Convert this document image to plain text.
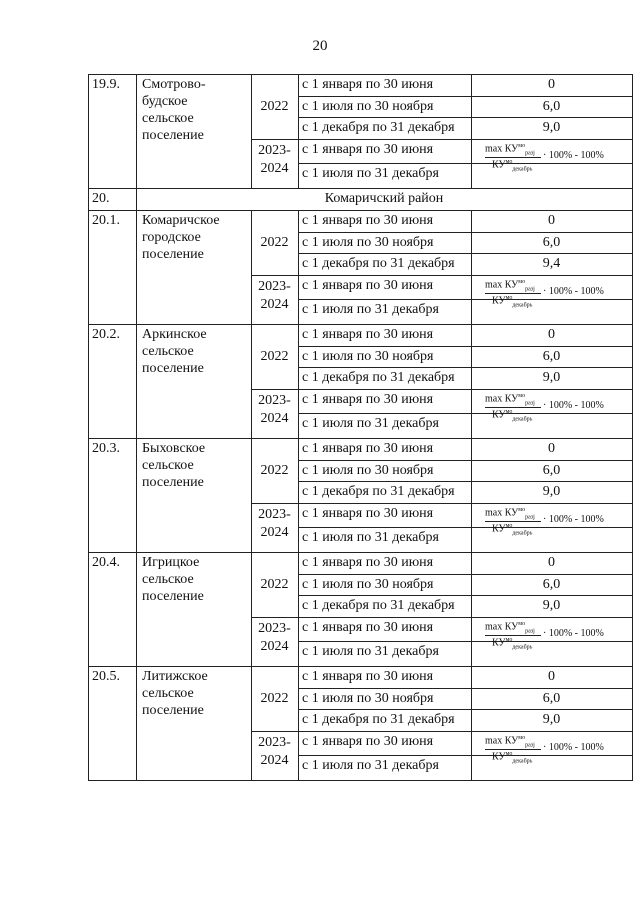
20
19.9. Смотрово-
будское
сельское
поселение
2022
с 1 января по 30 июня
с 1 июля по 30 ноября
с 1 декабря по 31 декабря
0
6,0
9,0
2023-
2024
с 1 января по 30 июня
с 1 июля по 31 декабря
$\max КУ^{мо}_{разj}$
$КУ^{мо}_{декабрь}$
· 100% - 100%
20.	Комаричский район
20.1. Комаричское
городское
поселение
2022
с 1 января по 30 июня
с 1 июля по 30 ноября
с 1 декабря по 31 декабря
0
6,0
9,4
2023-
2024
с 1 января по 30 июня
с 1 июля по 31 декабря
$\max КУ^{мо}_{разj}$
$КУ^{мо}_{декабрь}$
· 100% - 100%
20.2. Аркинское
сельское
поселение
2022
с 1 января по 30 июня
с 1 июля по 30 ноября
с 1 декабря по 31 декабря
0
6,0
9,0
2023-
2024
с 1 января по 30 июня
с 1 июля по 31 декабря
$\max КУ^{мо}_{разj}$
$КУ^{мо}_{декабрь}$
· 100% - 100%
20.3. Быховское
сельское
поселение
2022
с 1 января по 30 июня
с 1 июля по 30 ноября
с 1 декабря по 31 декабря
0
6,0
9,0
2023-
2024
с 1 января по 30 июня
с 1 июля по 31 декабря
$\max КУ^{мо}_{разj}$
$КУ^{мо}_{декабрь}$
· 100% - 100%
20.4. Игрицкое
сельское
поселение
2022
с 1 января по 30 июня
с 1 июля по 30 ноября
с 1 декабря по 31 декабря
0
6,0
9,0
2023-
2024
с 1 января по 30 июня
с 1 июля по 31 декабря
$\max КУ^{мо}_{разj}$
$КУ^{мо}_{декабрь}$
· 100% - 100%
20.5. Литижское
сельское
поселение
2022
с 1 января по 30 июня
с 1 июля по 30 ноября
с 1 декабря по 31 декабря
0
6,0
9,0
2023-
2024
с 1 января по 30 июня
с 1 июля по 31 декабря
$\max КУ^{мо}_{разj}$
$КУ^{мо}_{декабрь}$
· 100% - 100%
